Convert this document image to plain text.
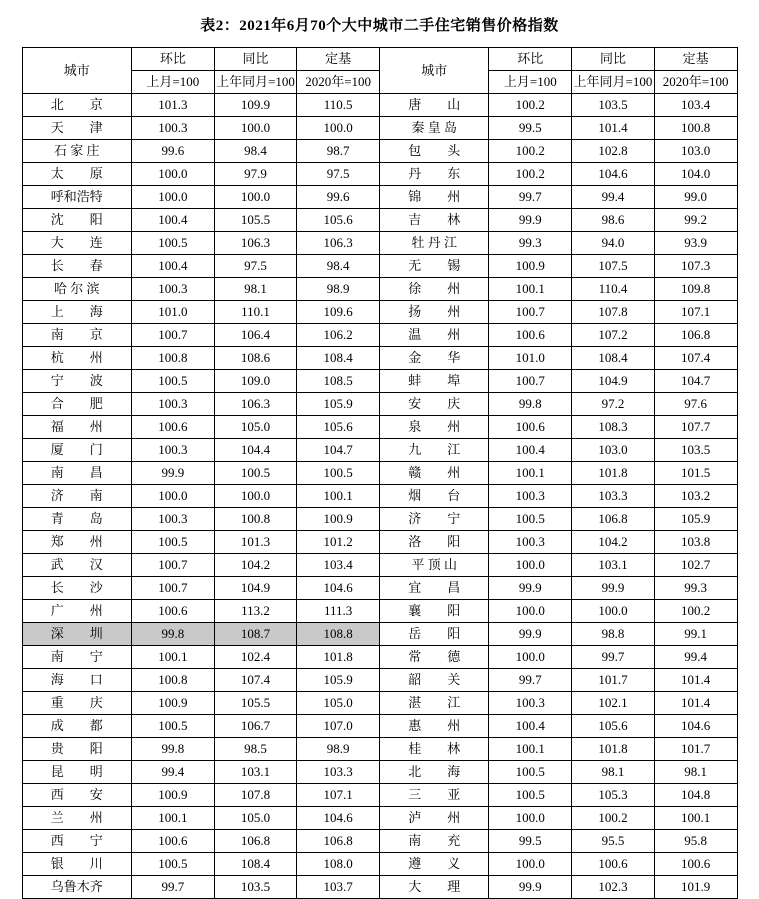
表2：2021年6月70个大中城市二手住宅销售价格指数
城市	环比	同比	定基	城市	环比	同比	定基
	上月=100	上年同月=100	2020年=100		上月=100	上年同月=100	2020年=100
北　　京	101.3	109.9	110.5	唐　　山	100.2	103.5	103.4
天　　津	100.3	100.0	100.0	秦 皇 岛	99.5	101.4	100.8
石 家 庄	99.6	98.4	98.7	包　　头	100.2	102.8	103.0
太　　原	100.0	97.9	97.5	丹　　东	100.2	104.6	104.0
呼和浩特	100.0	100.0	99.6	锦　　州	99.7	99.4	99.0
沈　　阳	100.4	105.5	105.6	吉　　林	99.9	98.6	99.2
大　　连	100.5	106.3	106.3	牡 丹 江	99.3	94.0	93.9
长　　春	100.4	97.5	98.4	无　　锡	100.9	107.5	107.3
哈 尔 滨	100.3	98.1	98.9	徐　　州	100.1	110.4	109.8
上　　海	101.0	110.1	109.6	扬　　州	100.7	107.8	107.1
南　　京	100.7	106.4	106.2	温　　州	100.6	107.2	106.8
杭　　州	100.8	108.6	108.4	金　　华	101.0	108.4	107.4
宁　　波	100.5	109.0	108.5	蚌　　埠	100.7	104.9	104.7
合　　肥	100.3	106.3	105.9	安　　庆	99.8	97.2	97.6
福　　州	100.6	105.0	105.6	泉　　州	100.6	108.3	107.7
厦　　门	100.3	104.4	104.7	九　　江	100.4	103.0	103.5
南　　昌	99.9	100.5	100.5	赣　　州	100.1	101.8	101.5
济　　南	100.0	100.0	100.1	烟　　台	100.3	103.3	103.2
青　　岛	100.3	100.8	100.9	济　　宁	100.5	106.8	105.9
郑　　州	100.5	101.3	101.2	洛　　阳	100.3	104.2	103.8
武　　汉	100.7	104.2	103.4	平 顶 山	100.0	103.1	102.7
长　　沙	100.7	104.9	104.6	宜　　昌	99.9	99.9	99.3
广　　州	100.6	113.2	111.3	襄　　阳	100.0	100.0	100.2
深　　圳	99.8	108.7	108.8	岳　　阳	99.9	98.8	99.1
南　　宁	100.1	102.4	101.8	常　　德	100.0	99.7	99.4
海　　口	100.8	107.4	105.9	韶　　关	99.7	101.7	101.4
重　　庆	100.9	105.5	105.0	湛　　江	100.3	102.1	101.4
成　　都	100.5	106.7	107.0	惠　　州	100.4	105.6	104.6
贵　　阳	99.8	98.5	98.9	桂　　林	100.1	101.8	101.7
昆　　明	99.4	103.1	103.3	北　　海	100.5	98.1	98.1
西　　安	100.9	107.8	107.1	三　　亚	100.5	105.3	104.8
兰　　州	100.1	105.0	104.6	泸　　州	100.0	100.2	100.1
西　　宁	100.6	106.8	106.8	南　　充	99.5	95.5	95.8
银　　川	100.5	108.4	108.0	遵　　义	100.0	100.6	100.6
乌鲁木齐	99.7	103.5	103.7	大　　理	99.9	102.3	101.9
